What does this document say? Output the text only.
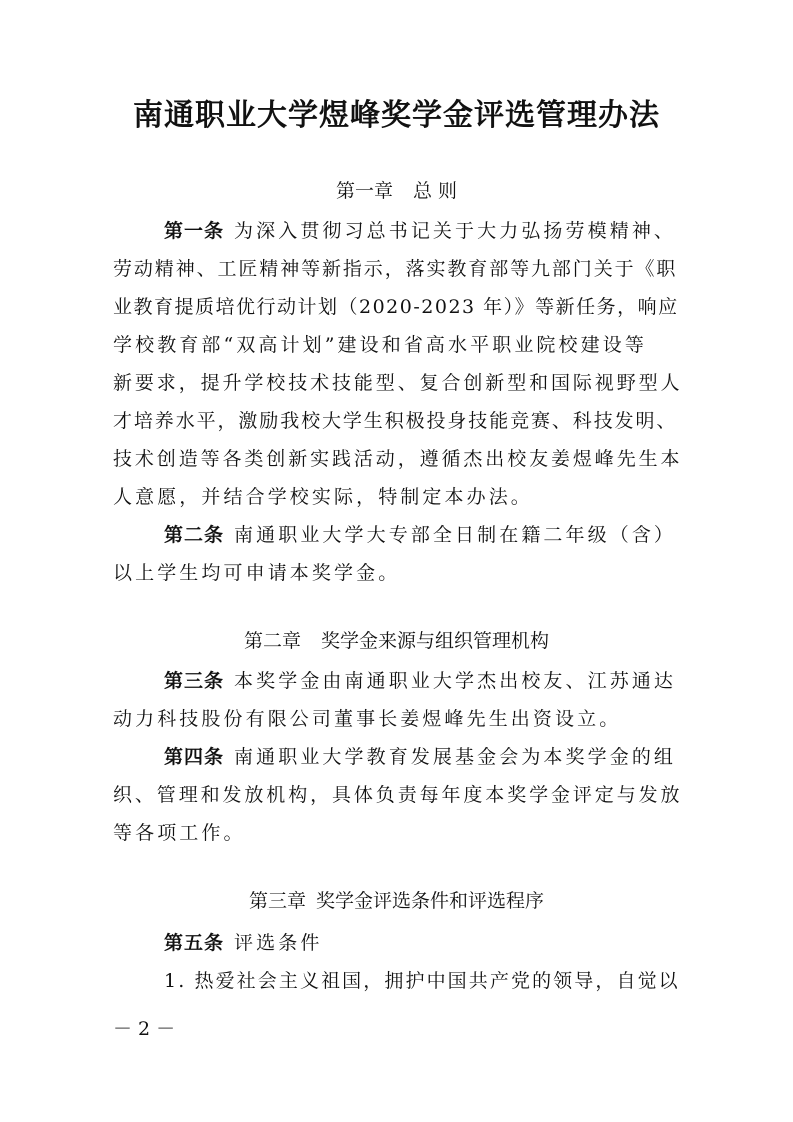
南通职业大学煜峰奖学金评选管理办法
第一章 总 则
第一条 为深入贯彻习总书记关于大力弘扬劳模精神、
劳动精神、工匠精神等新指示，落实教育部等九部门关于《职
业教育提质培优行动计划（2020-2023 年）》等新任务，响应
学校教育部“双高计划”建设和省高水平职业院校建设等
新要求，提升学校技术技能型、复合创新型和国际视野型人
才培养水平，激励我校大学生积极投身技能竞赛、科技发明、
技术创造等各类创新实践活动，遵循杰出校友姜煜峰先生本
人意愿，并结合学校实际，特制定本办法。
第二条 南通职业大学大专部全日制在籍二年级（含）
以上学生均可申请本奖学金。
第二章 奖学金来源与组织管理机构
第三条 本奖学金由南通职业大学杰出校友、江苏通达
动力科技股份有限公司董事长姜煜峰先生出资设立。
第四条 南通职业大学教育发展基金会为本奖学金的组
织、管理和发放机构，具体负责每年度本奖学金评定与发放
等各项工作。
第三章 奖学金评选条件和评选程序
第五条 评选条件
1. 热爱社会主义祖国，拥护中国共产党的领导，自觉以
－ 2 －
